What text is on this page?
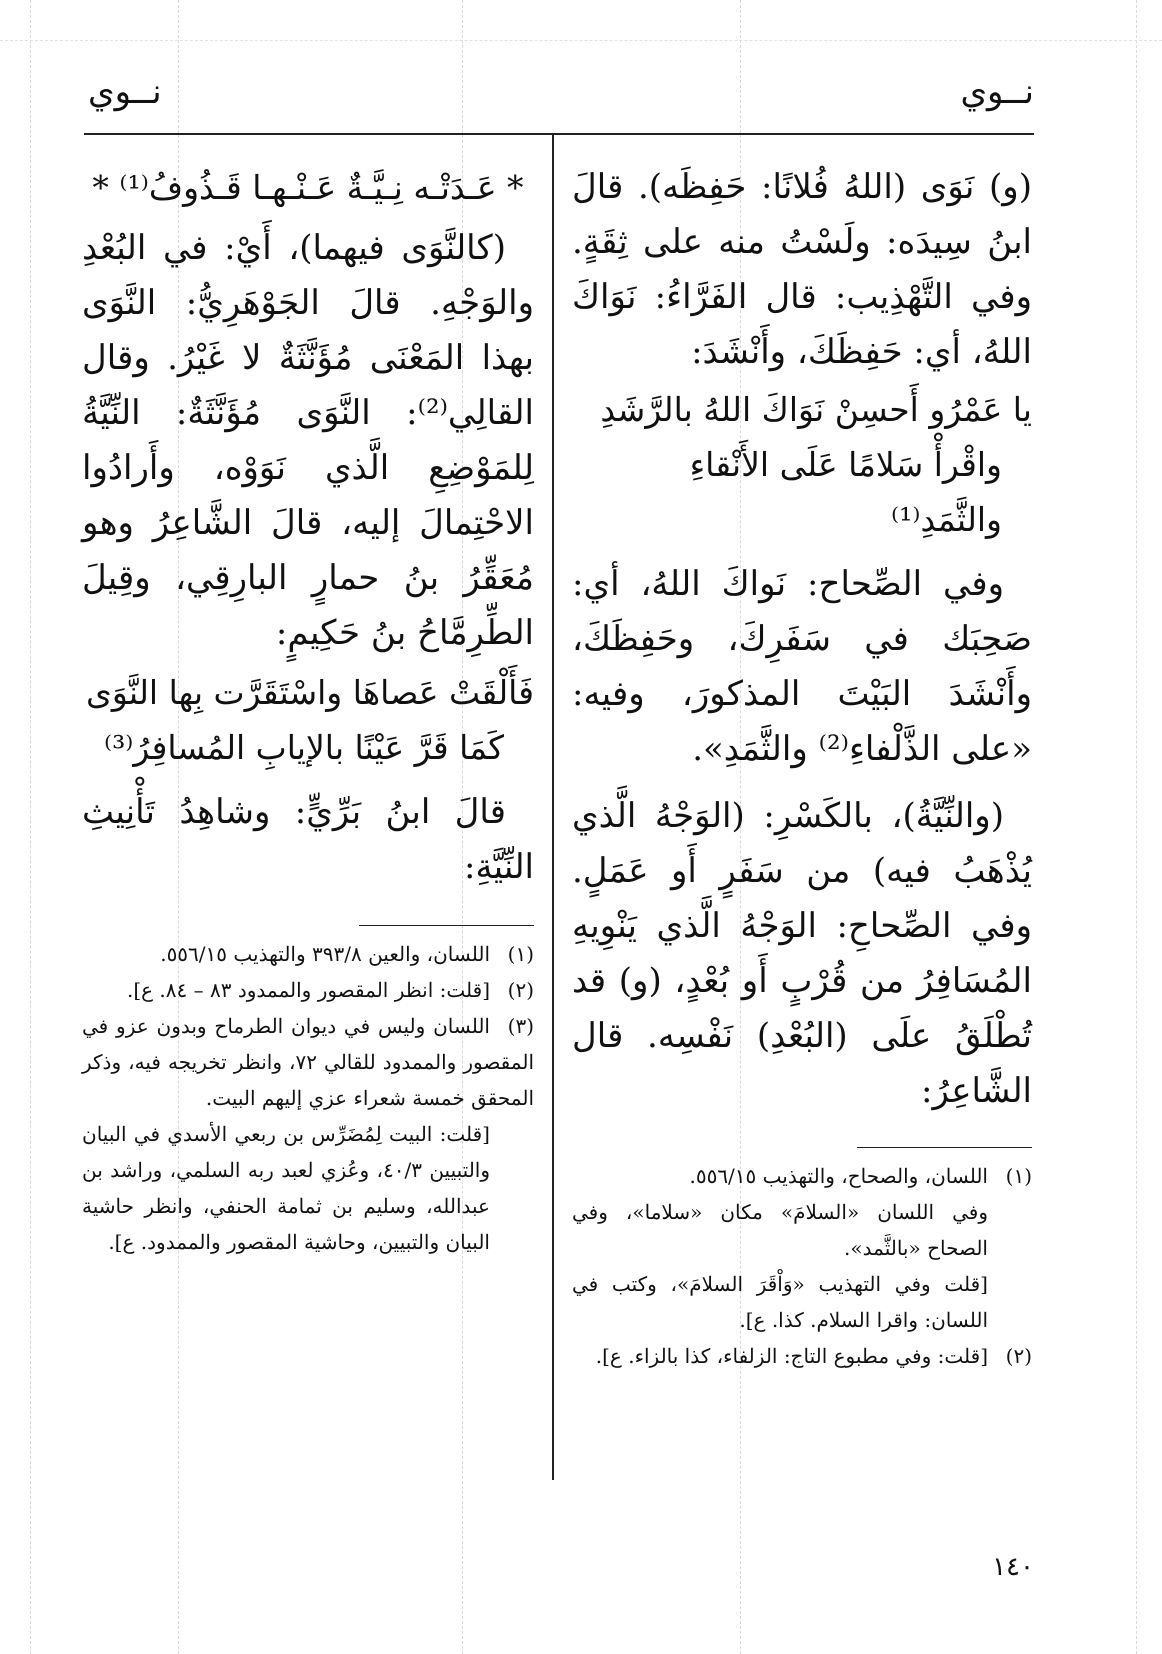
نــوي
نــوي

(و) نَوَى (اللهُ فُلانًا: حَفِظَه). قالَ ابنُ سِيدَه: ولَسْتُ منه على ثِقَةٍ. وفي التَّهْذِيب: قال الفَرَّاءُ: نَوَاكَ اللهُ، أي: حَفِظَكَ، وأَنْشَدَ:

يا عَمْرُو أَحسِنْ نَوَاكَ اللهُ بالرَّشَدِ

واقْرأْ سَلامًا عَلَى الأَنْقاءِ والثَّمَدِ⁽¹⁾

وفي الصِّحاح: نَواكَ اللهُ، أي: صَحِبَك في سَفَرِكَ، وحَفِظَكَ، وأَنْشَدَ البَيْتَ المذكورَ، وفيه: «على الذَّلْفاءِ⁽²⁾ والثَّمَدِ».

(والنِّيَّةُ)، بالكَسْرِ: (الوَجْهُ الَّذي يُذْهَبُ فيه) من سَفَرٍ أَو عَمَلٍ. وفي الصِّحاحِ: الوَجْهُ الَّذي يَنْوِيهِ المُسَافِرُ من قُرْبٍ أَو بُعْدٍ، (و) قد تُطْلَقُ علَى (البُعْدِ) نَفْسِه. قال الشَّاعِرُ:

(١)اللسان، والصحاح، والتهذيب ٥٥٦/١٥.

وفي اللسان «السلامَ» مكان «سلاما»، وفي الصحاح «بالثَّمد».

[قلت وفي التهذيب «وَاْقَرَ السلامَ»، وكتب في اللسان: واقرا السلام. كذا. ع].

(٢)[قلت: وفي مطبوع التاج: الزلفاء، كذا بالزاء. ع].

* عَـدَتْـه نِـيَّـةٌ عَـنْـهـا قَـذُوفُ⁽¹⁾ *

(كالنَّوَى فيهما)، أَيْ: في البُعْدِ والوَجْهِ. قالَ الجَوْهَرِيُّ: النَّوَى بهذا المَعْنَى مُؤَنَّثَةٌ لا غَيْرُ. وقال القالِي⁽²⁾: النَّوَى مُؤَنَّثَةٌ: النِّيَّةُ لِلمَوْضِعِ الَّذي نَوَوْه، وأَرادُوا الاحْتِمالَ إليه، قالَ الشَّاعِرُ وهو مُعَقِّرُ بنُ حمارٍ البارِقِي، وقِيلَ الطِّرِمَّاحُ بنُ حَكِيمٍ:

فَأَلْقَتْ عَصاهَا واسْتَقَرَّت بِها النَّوَى

كَمَا قَرَّ عَيْنًا بالإيابِ المُسافِرُ⁽³⁾

قالَ ابنُ بَرِّيٍّ: وشاهِدُ تَأْنِيثِ النِّيَّةِ:

(١)اللسان، والعين ٣٩٣/٨ والتهذيب ٥٥٦/١٥.

(٢)[قلت: انظر المقصور والممدود ٨٣ – ٨٤. ع].

(٣)اللسان وليس في ديوان الطرماح وبدون عزو في المقصور والممدود للقالي ٧٢، وانظر تخريجه فيه، وذكر المحقق خمسة شعراء عزي إليهم البيت.

[قلت: البيت لِمُضَرِّس بن ربعي الأسدي في البيان والتبيين ٤٠/٣، وعُزي لعبد ربه السلمي، وراشد بن عبدالله، وسليم بن ثمامة الحنفي، وانظر حاشية البيان والتبيين، وحاشية المقصور والممدود. ع].

١٤٠
